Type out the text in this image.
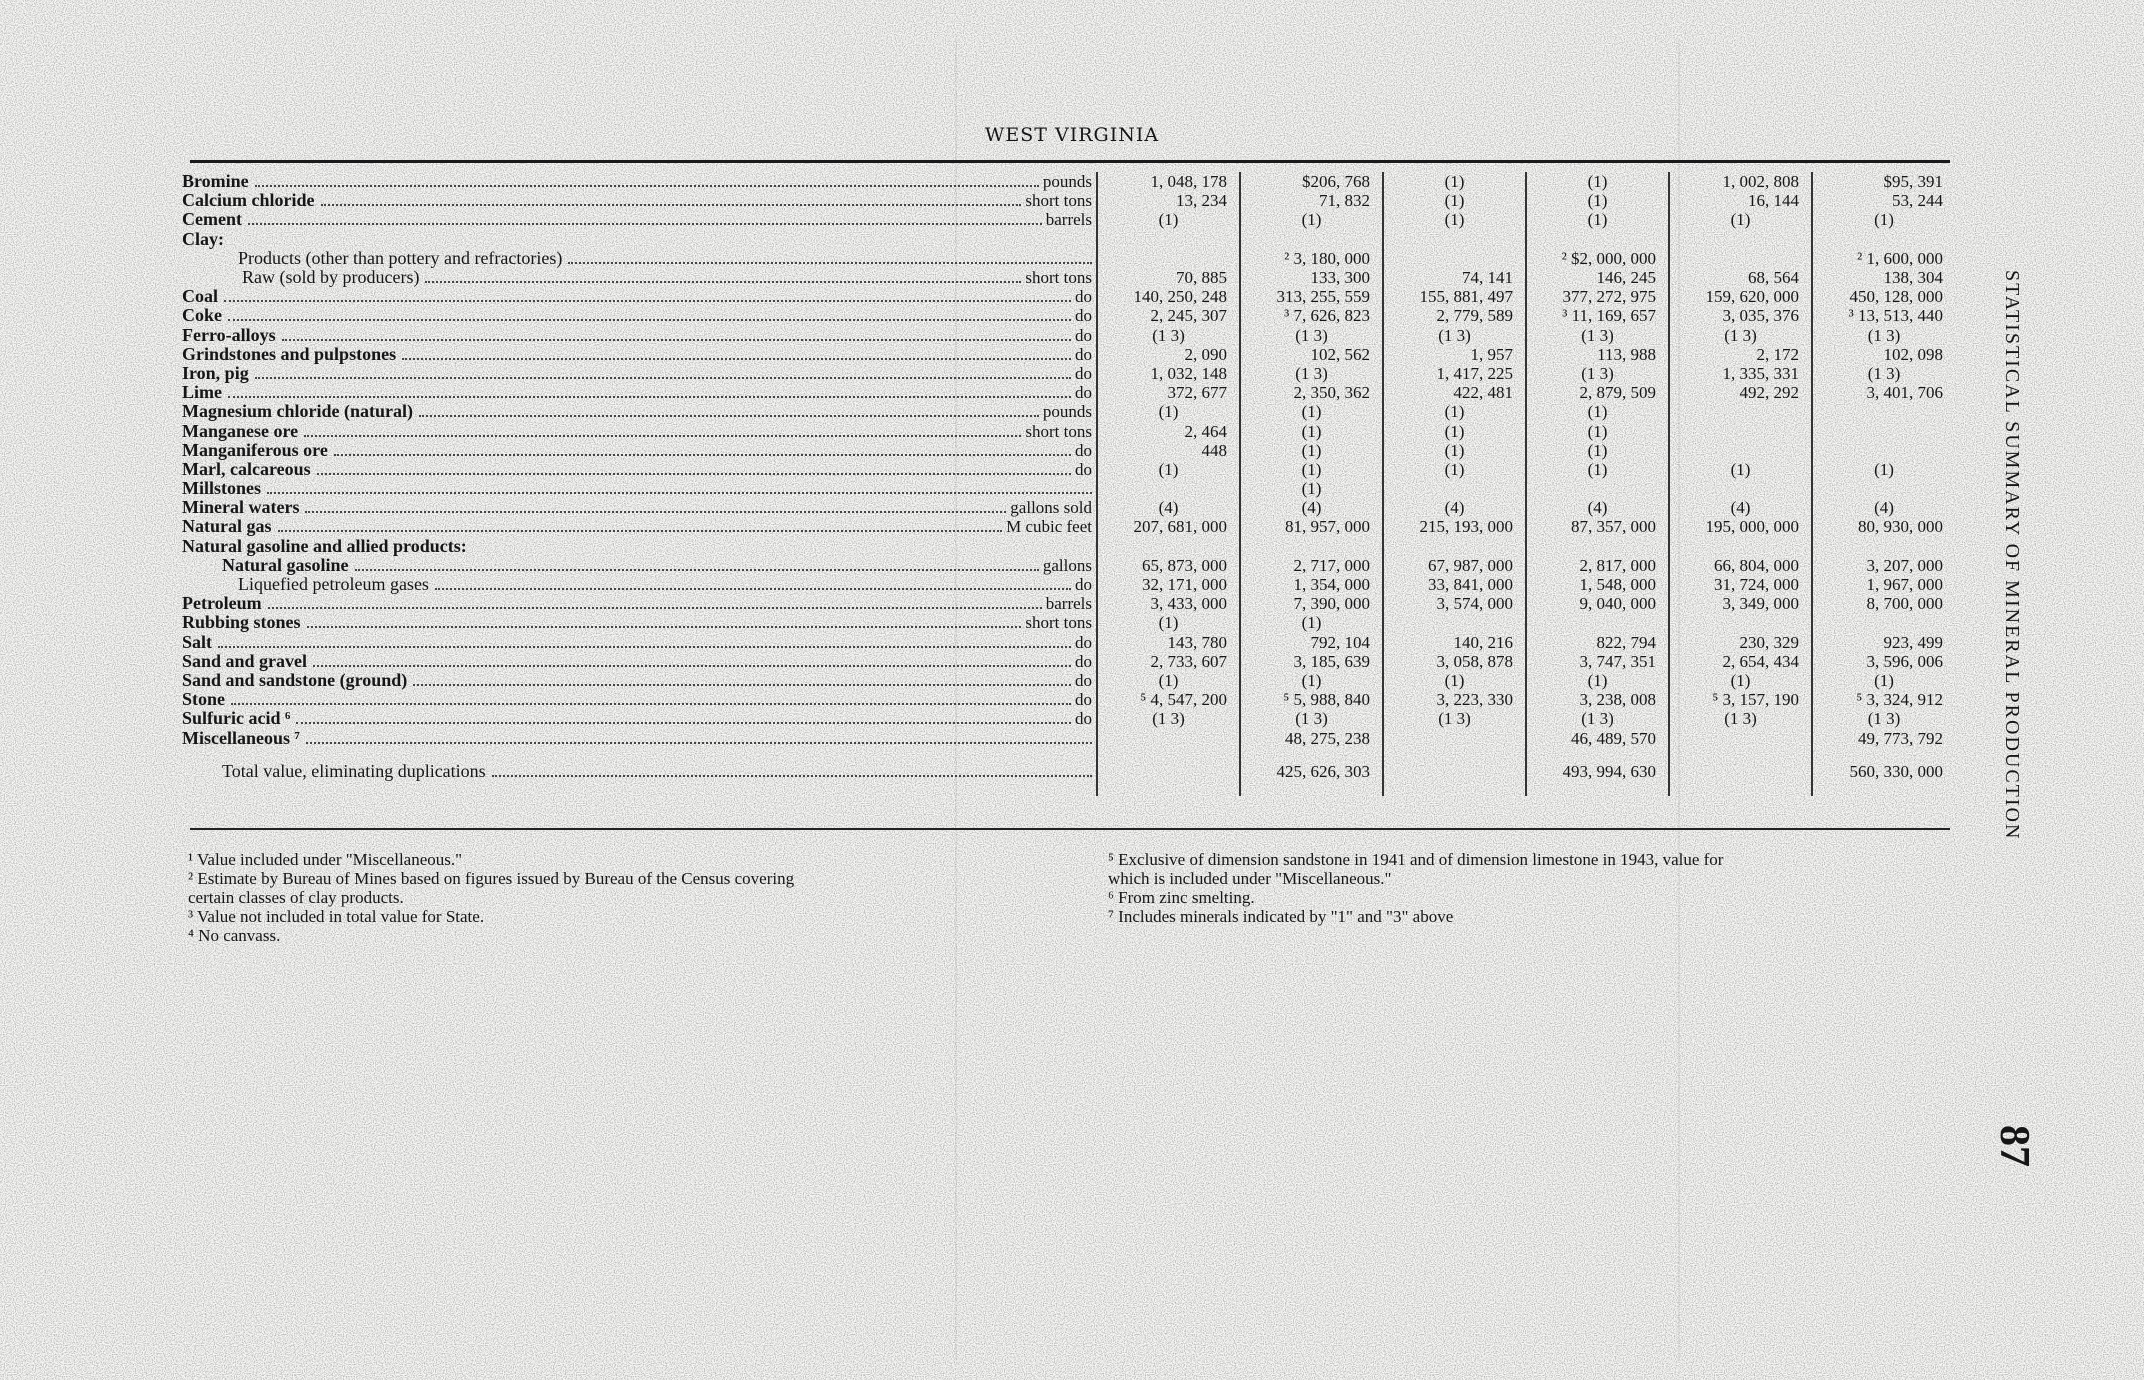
WEST VIRGINIA
Bromine pounds	1, 048, 178	$206, 768	(1)	(1)	1, 002, 808	$95, 391

Calcium chloride short tons	13, 234	71, 832	(1)	(1)	16, 144	53, 244

Cement barrels	(1)	(1)	(1)	(1)	(1)	(1)

Clay:						

Products (other than pottery and refractories)		² 3, 180, 000		² $2, 000, 000		² 1, 600, 000

Raw (sold by producers) short tons	70, 885	133, 300	74, 141	146, 245	68, 564	138, 304

Coal do	140, 250, 248	313, 255, 559	155, 881, 497	377, 272, 975	159, 620, 000	450, 128, 000

Coke do	2, 245, 307	³ 7, 626, 823	2, 779, 589	³ 11, 169, 657	3, 035, 376	³ 13, 513, 440

Ferro-alloys do	(1 3)	(1 3)	(1 3)	(1 3)	(1 3)	(1 3)

Grindstones and pulpstones do	2, 090	102, 562	1, 957	113, 988	2, 172	102, 098

Iron, pig do	1, 032, 148	(1 3)	1, 417, 225	(1 3)	1, 335, 331	(1 3)

Lime do	372, 677	2, 350, 362	422, 481	2, 879, 509	492, 292	3, 401, 706

Magnesium chloride (natural) pounds	(1)	(1)	(1)	(1)		

Manganese ore short tons	2, 464	(1)	(1)	(1)		

Manganiferous ore do	448	(1)	(1)	(1)		

Marl, calcareous do	(1)	(1)	(1)	(1)	(1)	(1)

Millstones		(1)				

Mineral waters gallons sold	(4)	(4)	(4)	(4)	(4)	(4)

Natural gas M cubic feet	207, 681, 000	81, 957, 000	215, 193, 000	87, 357, 000	195, 000, 000	80, 930, 000

Natural gasoline and allied products:						

Natural gasoline gallons	65, 873, 000	2, 717, 000	67, 987, 000	2, 817, 000	66, 804, 000	3, 207, 000

Liquefied petroleum gases do	32, 171, 000	1, 354, 000	33, 841, 000	1, 548, 000	31, 724, 000	1, 967, 000

Petroleum barrels	3, 433, 000	7, 390, 000	3, 574, 000	9, 040, 000	3, 349, 000	8, 700, 000

Rubbing stones short tons	(1)	(1)				

Salt do	143, 780	792, 104	140, 216	822, 794	230, 329	923, 499

Sand and gravel do	2, 733, 607	3, 185, 639	3, 058, 878	3, 747, 351	2, 654, 434	3, 596, 006

Sand and sandstone (ground) do	(1)	(1)	(1)	(1)	(1)	(1)

Stone do	⁵ 4, 547, 200	⁵ 5, 988, 840	3, 223, 330	3, 238, 008	⁵ 3, 157, 190	⁵ 3, 324, 912

Sulfuric acid ⁶ do	(1 3)	(1 3)	(1 3)	(1 3)	(1 3)	(1 3)

Miscellaneous ⁷		48, 275, 238		46, 489, 570		49, 773, 792

Total value, eliminating duplications		425, 626, 303		493, 994, 630		560, 330, 000
¹ Value included under "Miscellaneous."
² Estimate by Bureau of Mines based on figures issued by Bureau of the Census covering
certain classes of clay products.
³ Value not included in total value for State.
⁴ No canvass.
⁵ Exclusive of dimension sandstone in 1941 and of dimension limestone in 1943, value for
which is included under "Miscellaneous."
⁶ From zinc smelting.
⁷ Includes minerals indicated by "1" and "3" above
STATISTICAL SUMMARY OF MINERAL PRODUCTION
87
